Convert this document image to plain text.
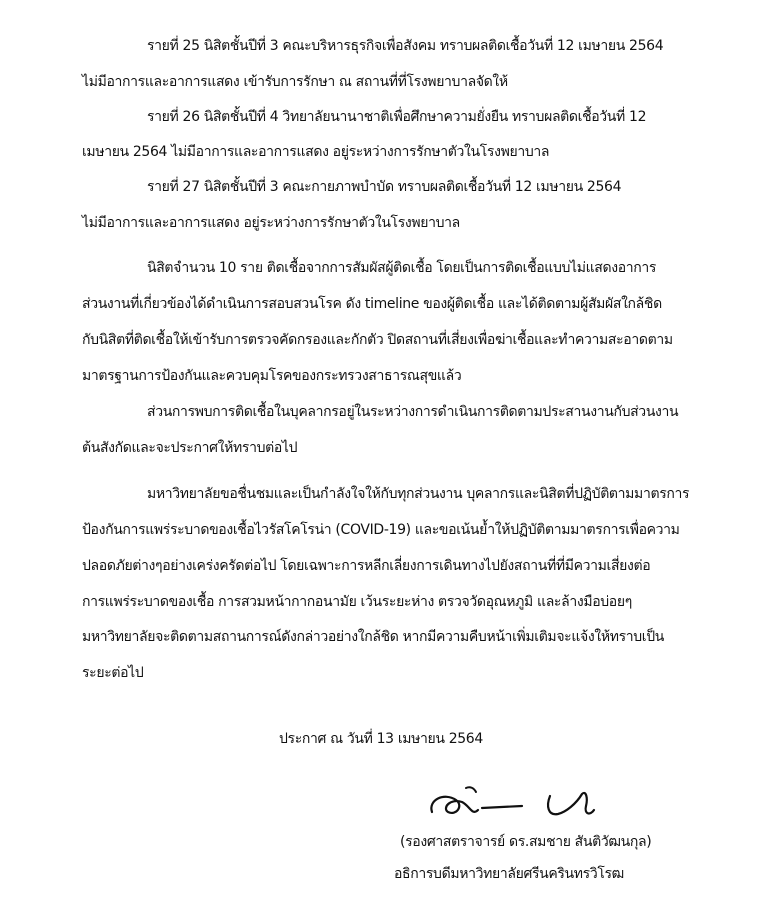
รายที่ 25 นิสิตชั้นปีที่ 3 คณะบริหารธุรกิจเพื่อสังคม ทราบผลติดเชื้อวันที่ 12 เมษายน 2564

ไม่มีอาการและอาการแสดง เข้ารับการรักษา ณ สถานที่ที่โรงพยาบาลจัดให้

รายที่ 26 นิสิตชั้นปีที่ 4 วิทยาลัยนานาชาติเพื่อศึกษาความยั่งยืน ทราบผลติดเชื้อวันที่ 12

เมษายน 2564 ไม่มีอาการและอาการแสดง อยู่ระหว่างการรักษาตัวในโรงพยาบาล

รายที่ 27 นิสิตชั้นปีที่ 3 คณะกายภาพบำบัด ทราบผลติดเชื้อวันที่ 12 เมษายน 2564

ไม่มีอาการและอาการแสดง อยู่ระหว่างการรักษาตัวในโรงพยาบาล

นิสิตจำนวน 10 ราย ติดเชื้อจากการสัมผัสผู้ติดเชื้อ โดยเป็นการติดเชื้อแบบไม่แสดงอาการ

ส่วนงานที่เกี่ยวข้องได้ดำเนินการสอบสวนโรค ดัง timeline ของผู้ติดเชื้อ และได้ติดตามผู้สัมผัสใกล้ชิด

กับนิสิตที่ติดเชื้อให้เข้ารับการตรวจคัดกรองและกักตัว ปิดสถานที่เสี่ยงเพื่อฆ่าเชื้อและทำความสะอาดตาม

มาตรฐานการป้องกันและควบคุมโรคของกระทรวงสาธารณสุขแล้ว

ส่วนการพบการติดเชื้อในบุคลากรอยู่ในระหว่างการดำเนินการติดตามประสานงานกับส่วนงาน

ต้นสังกัดและจะประกาศให้ทราบต่อไป

มหาวิทยาลัยขอชื่นชมและเป็นกำลังใจให้กับทุกส่วนงาน บุคลากรและนิสิตที่ปฏิบัติตามมาตรการ

ป้องกันการแพร่ระบาดของเชื้อไวรัสโคโรน่า (COVID-19) และขอเน้นย้ำให้ปฏิบัติตามมาตรการเพื่อความ

ปลอดภัยต่างๆอย่างเคร่งครัดต่อไป โดยเฉพาะการหลีกเลี่ยงการเดินทางไปยังสถานที่ที่มีความเสี่ยงต่อ

การแพร่ระบาดของเชื้อ การสวมหน้ากากอนามัย เว้นระยะห่าง ตรวจวัดอุณหภูมิ และล้างมือบ่อยๆ

มหาวิทยาลัยจะติดตามสถานการณ์ดังกล่าวอย่างใกล้ชิด หากมีความคืบหน้าเพิ่มเติมจะแจ้งให้ทราบเป็น

ระยะต่อไป

ประกาศ ณ วันที่ 13 เมษายน 2564

(รองศาสตราจารย์ ดร.สมชาย สันติวัฒนกุล)

อธิการบดีมหาวิทยาลัยศรีนครินทรวิโรฒ
